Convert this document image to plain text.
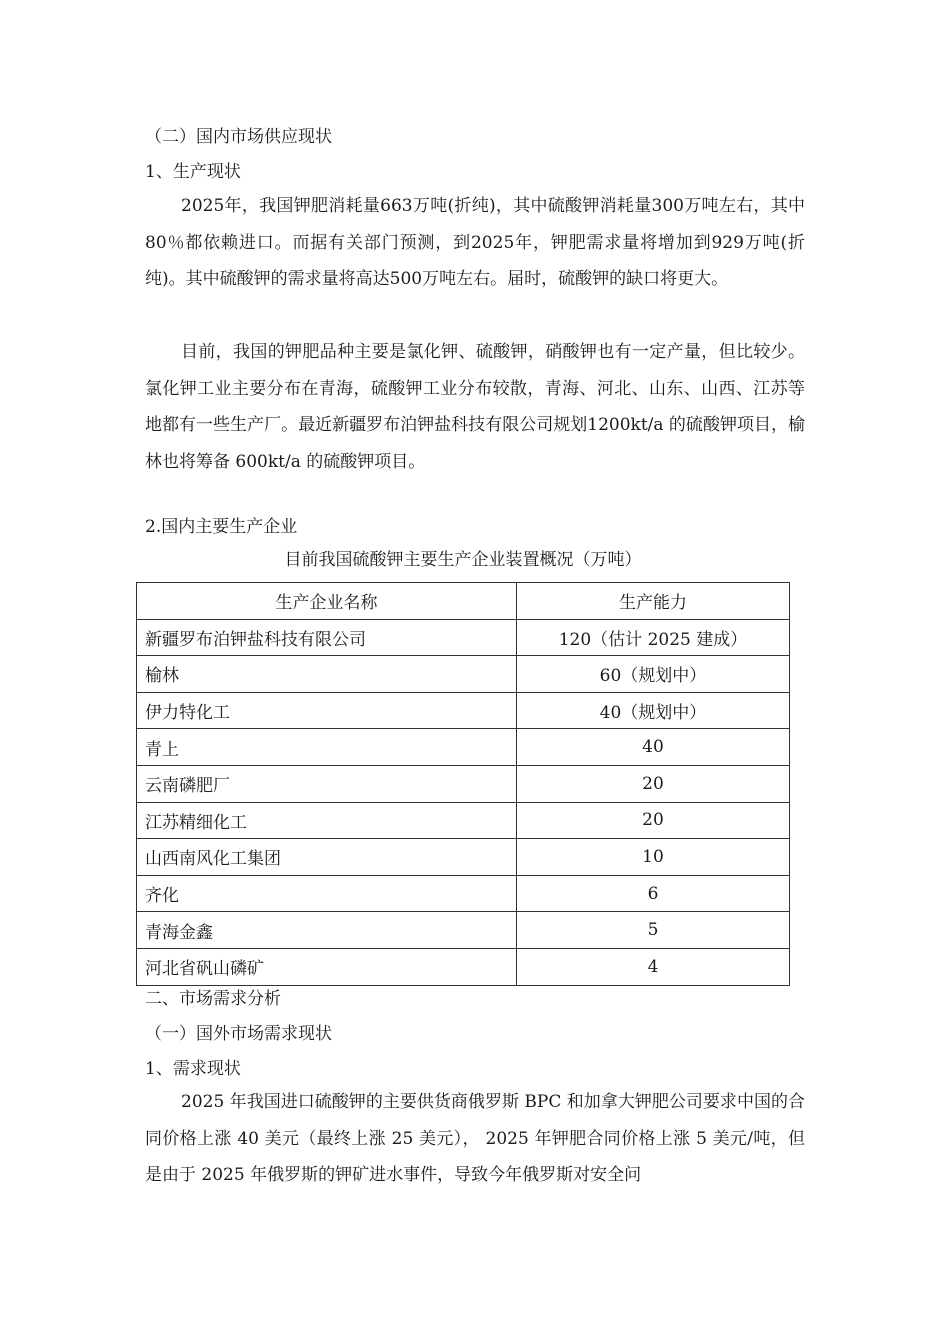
（二）国内市场供应现状
1、生产现状

2025年，我国钾肥消耗量663万吨(折纯)，其中硫酸钾消耗量300万吨左右，其中80％都依赖进口。而据有关部门预测，到2025年，钾肥需求量将增加到929万吨(折纯)。其中硫酸钾的需求量将高达500万吨左右。届时，硫酸钾的缺口将更大。

目前，我国的钾肥品种主要是氯化钾、硫酸钾，硝酸钾也有一定产量，但比较少。氯化钾工业主要分布在青海，硫酸钾工业分布较散，青海、河北、山东、山西、江苏等地都有一些生产厂。最近新疆罗布泊钾盐科技有限公司规划1200kt/a 的硫酸钾项目，榆林也将筹备 600kt/a 的硫酸钾项目。

2.国内主要生产企业
目前我国硫酸钾主要生产企业装置概况（万吨）
生产企业名称	生产能力
新疆罗布泊钾盐科技有限公司	120（估计 2025 建成）
榆林	60（规划中）
伊力特化工	40（规划中）
青上	40
云南磷肥厂	20
江苏精细化工	20
山西南风化工集团	10
齐化	6
青海金鑫	5
河北省矾山磷矿	4
二、市场需求分析
（一）国外市场需求现状
1、需求现状

2025 年我国进口硫酸钾的主要供货商俄罗斯 BPC 和加拿大钾肥公司要求中国的合同价格上涨 40 美元（最终上涨 25 美元）， 2025 年钾肥合同价格上涨 5 美元/吨，但是由于 2025 年俄罗斯的钾矿进水事件，导致今年俄罗斯对安全问
